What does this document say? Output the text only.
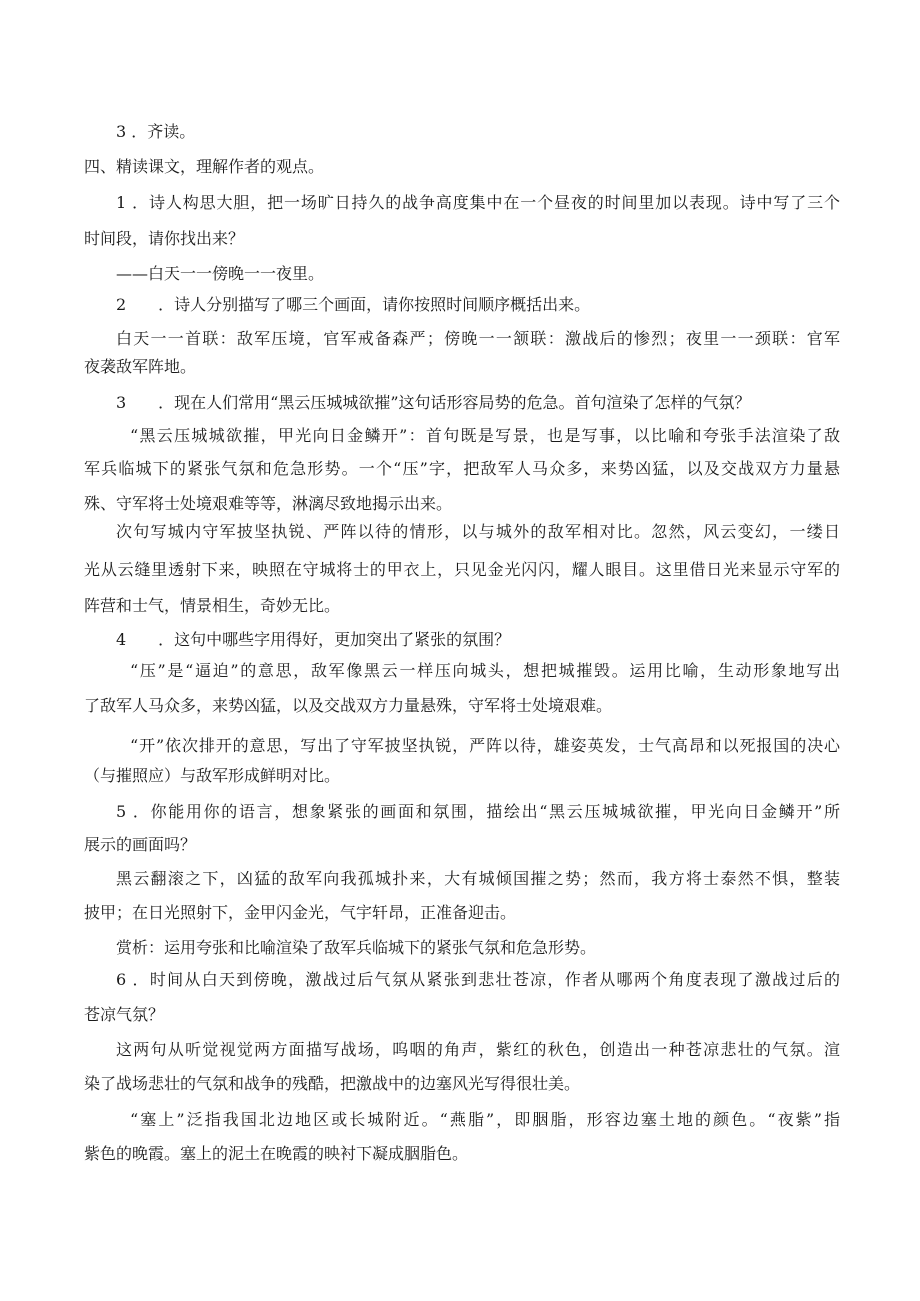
3 ．齐读。
四、精读课文，理解作者的观点。
1 ．诗人构思大胆，把一场旷日持久的战争高度集中在一个昼夜的时间里加以表现。诗中写了三个
时间段，请你找出来？
——白天一一傍晚一一夜里。
2　　．诗人分别描写了哪三个画面，请你按照时间顺序概括出来。
白天一一首联：敌军压境，官军戒备森严；傍晚一一颔联：激战后的惨烈；夜里一一颈联：官军
夜袭敌军阵地。
3　　．现在人们常用“黑云压城城欲摧”这句话形容局势的危急。首句渲染了怎样的气氛？
“黑云压城城欲摧，甲光向日金鳞开”：首句既是写景，也是写事，以比喻和夸张手法渲染了敌
军兵临城下的紧张气氛和危急形势。一个“压”字，把敌军人马众多，来势凶猛，以及交战双方力量悬
殊、守军将士处境艰难等等，淋漓尽致地揭示出来。
次句写城内守军披坚执锐、严阵以待的情形，以与城外的敌军相对比。忽然，风云变幻，一缕日
光从云缝里透射下来，映照在守城将士的甲衣上，只见金光闪闪，耀人眼目。这里借日光来显示守军的
阵营和士气，情景相生，奇妙无比。
4　　．这句中哪些字用得好，更加突出了紧张的氛围？
“压”是“逼迫”的意思，敌军像黑云一样压向城头，想把城摧毁。运用比喻，生动形象地写出
了敌军人马众多，来势凶猛，以及交战双方力量悬殊，守军将士处境艰难。
“开”依次排开的意思，写出了守军披坚执锐，严阵以待，雄姿英发，士气高昂和以死报国的决心
（与摧照应）与敌军形成鲜明对比。
5 ．你能用你的语言，想象紧张的画面和氛围，描绘出“黑云压城城欲摧，甲光向日金鳞开”所
展示的画面吗？
黑云翻滚之下，凶猛的敌军向我孤城扑来，大有城倾国摧之势；然而，我方将士泰然不惧，整装
披甲；在日光照射下，金甲闪金光，气宇轩昂，正准备迎击。
赏析：运用夸张和比喻渲染了敌军兵临城下的紧张气氛和危急形势。
6 ．时间从白天到傍晚，激战过后气氛从紧张到悲壮苍凉，作者从哪两个角度表现了激战过后的
苍凉气氛？
这两句从听觉视觉两方面描写战场，呜咽的角声，紫红的秋色，创造出一种苍凉悲壮的气氛。渲
染了战场悲壮的气氛和战争的残酷，把激战中的边塞风光写得很壮美。
“塞上”泛指我国北边地区或长城附近。“燕脂”，即胭脂，形容边塞土地的颜色。“夜紫”指
紫色的晚霞。塞上的泥土在晚霞的映衬下凝成胭脂色。
